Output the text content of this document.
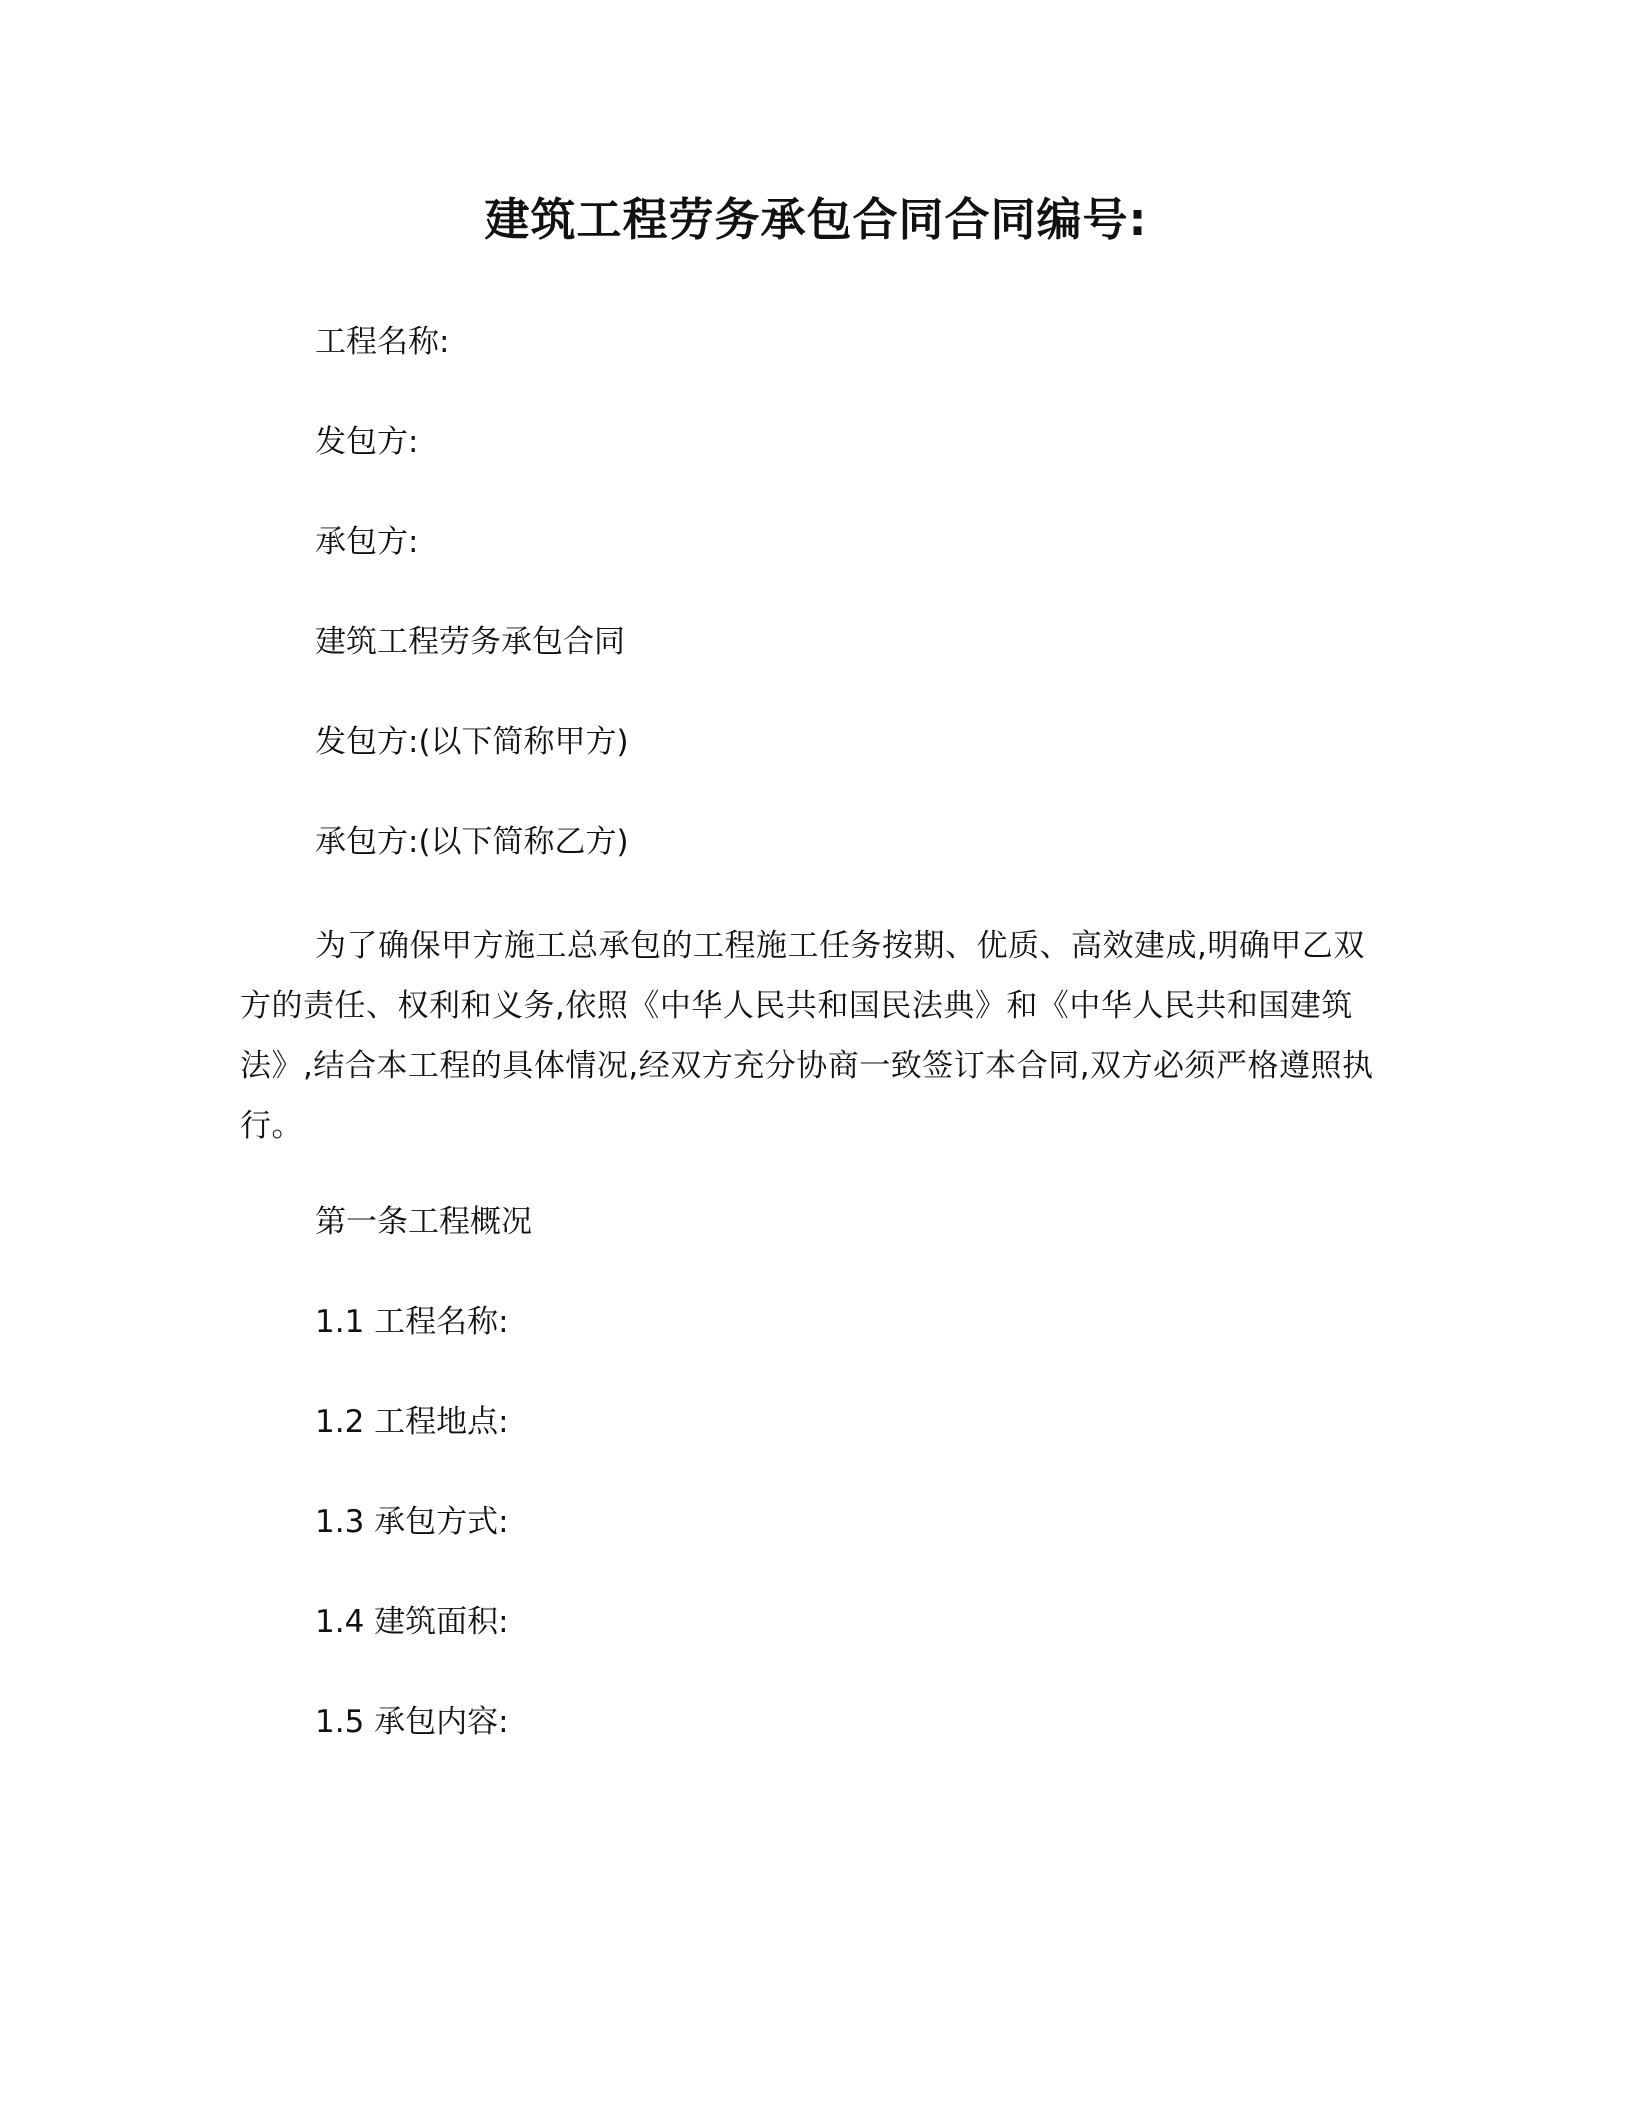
建筑工程劳务承包合同合同编号:
工程名称:
发包方:
承包方:
建筑工程劳务承包合同
发包方:(以下简称甲方)
承包方:(以下简称乙方)
为了确保甲方施工总承包的工程施工任务按期、优质、高效建成,明确甲乙双方的责任、权利和义务,依照《中华人民共和国民法典》和《中华人民共和国建筑法》,结合本工程的具体情况,经双方充分协商一致签订本合同,双方必须严格遵照执行。
第一条工程概况
1.1 工程名称:
1.2 工程地点:
1.3 承包方式:
1.4 建筑面积:
1.5 承包内容:
